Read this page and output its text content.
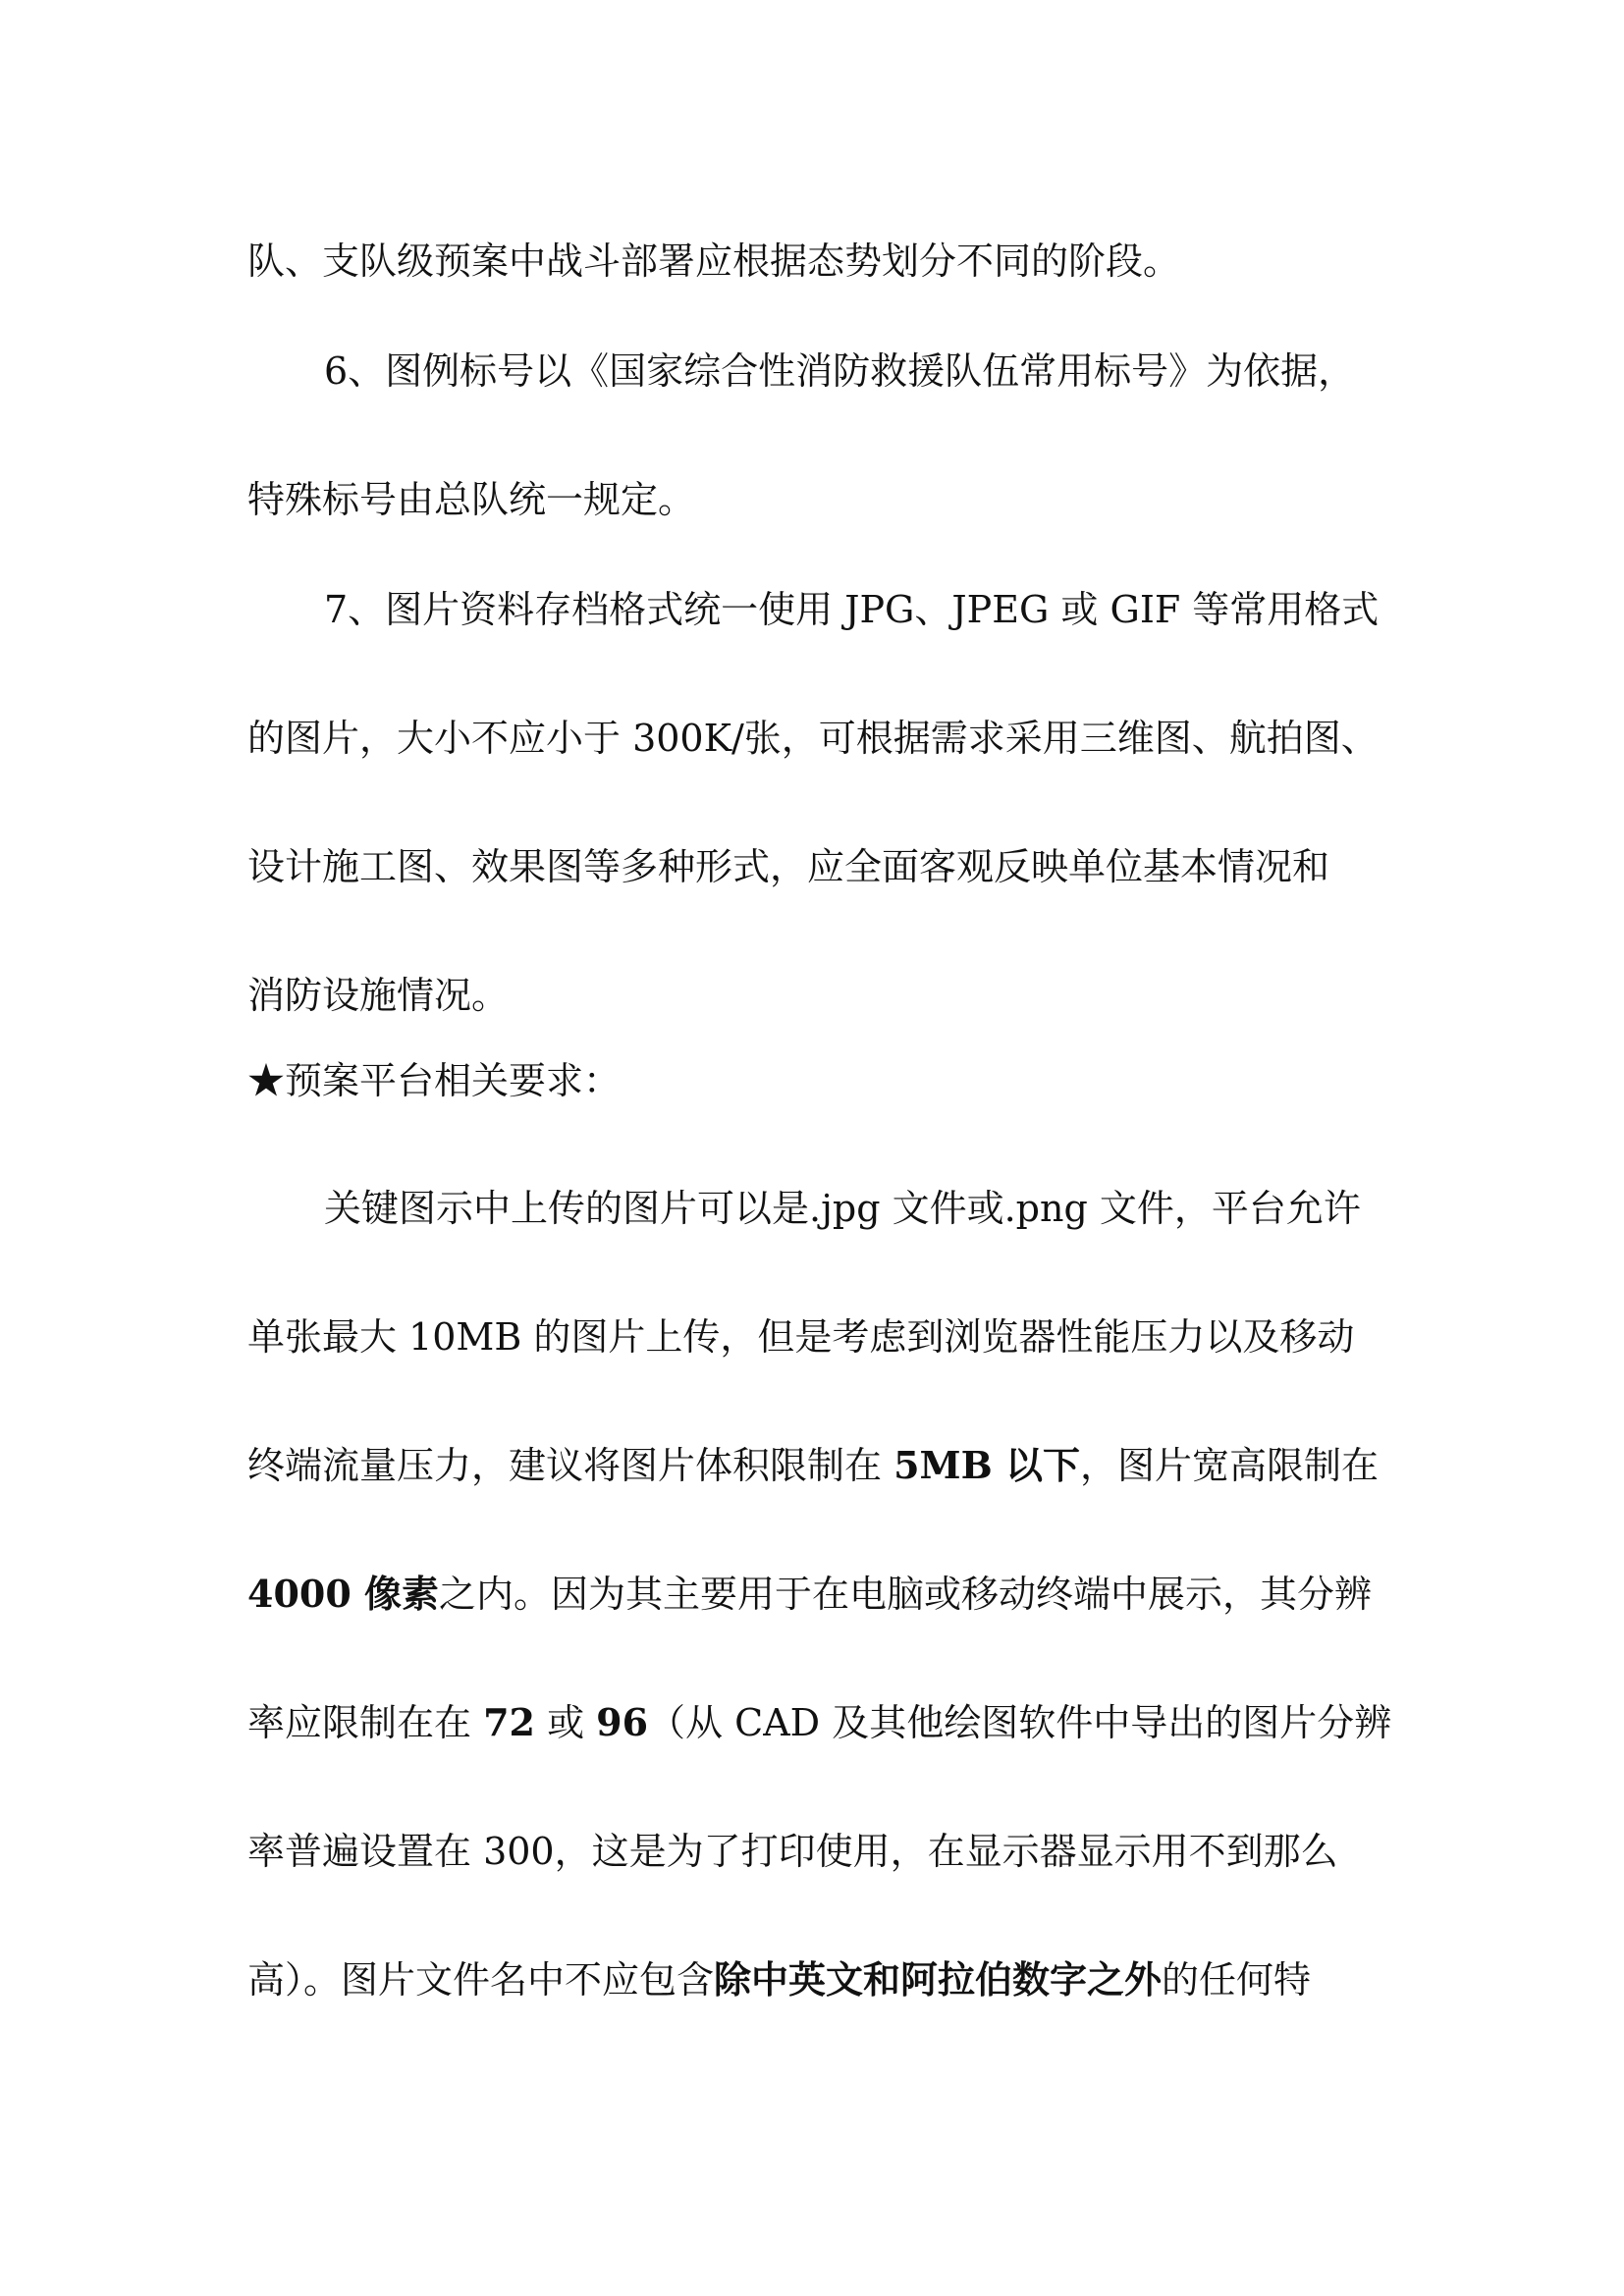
队、支队级预案中战斗部署应根据态势划分不同的阶段。
6、图例标号以《国家综合性消防救援队伍常用标号》为依据，
特殊标号由总队统一规定。
7、图片资料存档格式统一使用 JPG、JPEG 或 GIF 等常用格式
的图片，大小不应小于 300K/张，可根据需求采用三维图、航拍图、
设计施工图、效果图等多种形式，应全面客观反映单位基本情况和
消防设施情况。
★预案平台相关要求：
关键图示中上传的图片可以是.jpg 文件或.png 文件，平台允许
单张最大 10MB 的图片上传，但是考虑到浏览器性能压力以及移动
终端流量压力，建议将图片体积限制在 5MB 以下，图片宽高限制在
4000 像素之内。因为其主要用于在电脑或移动终端中展示，其分辨
率应限制在在 72 或 96（从 CAD 及其他绘图软件中导出的图片分辨
率普遍设置在 300，这是为了打印使用，在显示器显示用不到那么
高）。图片文件名中不应包含除中英文和阿拉伯数字之外的任何特
